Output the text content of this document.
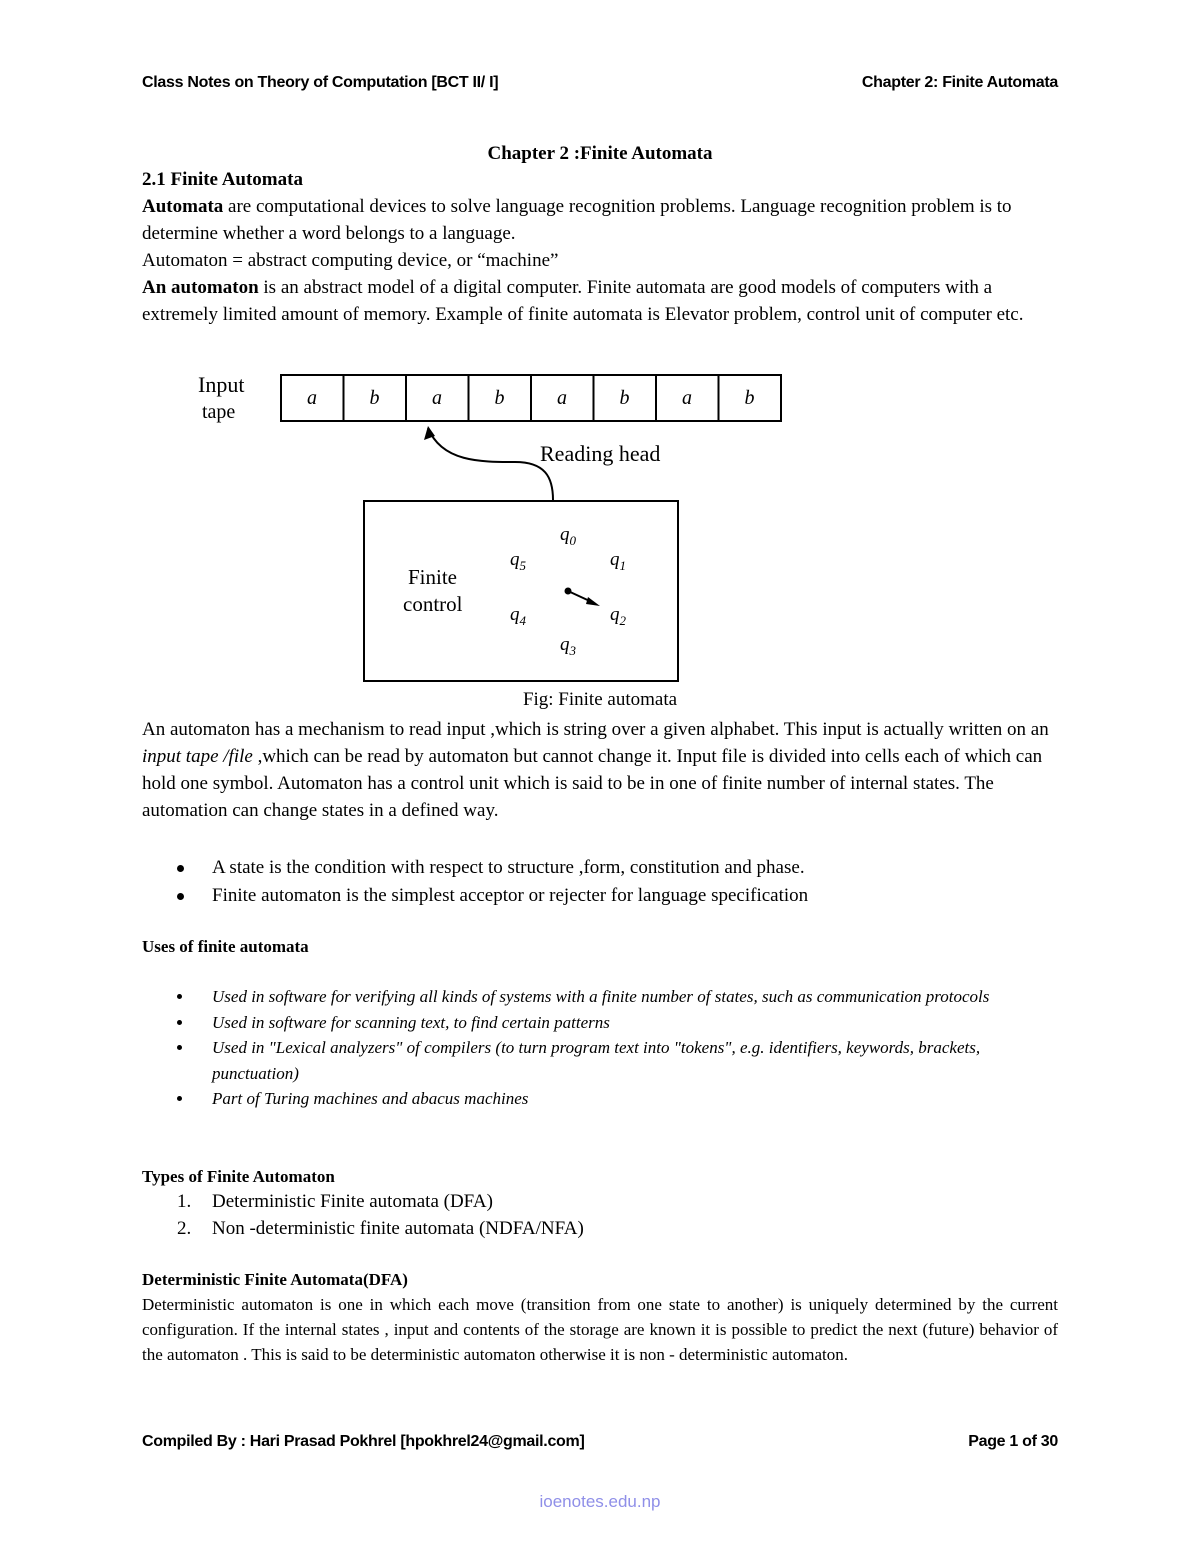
Class Notes on Theory of Computation [BCT II/ I]	Chapter 2: Finite Automata
Chapter 2 :Finite Automata
2.1 Finite Automata
Automata are computational devices to solve language recognition problems. Language recognition problem is to determine whether a word belongs to a language.
Automaton = abstract computing device, or “machine”
An automaton is an abstract model of a digital computer. Finite automata are good models of computers with a extremely limited amount of memory. Example of finite automata is Elevator problem, control unit of computer etc.
Input
tape
a	b	a	b	a	b	a	b
Reading head
Finite
control
$q_0$
$q_1$
$q_2$
$q_3$
$q_4$
$q_5$
Fig: Finite automata
An automaton has a mechanism to read input ,which is string over a given alphabet. This input is actually written on an input tape /file ,which can be read by automaton but cannot change it. Input file is divided into cells each of which can hold one symbol. Automaton has a control unit which is said to be in one of finite number of internal states. The automation can change states in a defined way.
A state is the condition with respect to structure ,form, constitution and phase.
Finite automaton is the simplest acceptor or rejecter for language specification
Uses of finite automata
Used in software for verifying all kinds of systems with a finite number of states, such as communication protocols
Used in software for scanning text, to find certain patterns
Used in "Lexical analyzers" of compilers (to turn program text into "tokens", e.g. identifiers, keywords, brackets, punctuation)
Part of Turing machines and abacus machines
Types of Finite Automaton
1. Deterministic Finite automata (DFA)
2. Non -deterministic finite automata (NDFA/NFA)
Deterministic Finite Automata(DFA)
Deterministic automaton is one in which each move (transition from one state to another) is uniquely determined by the current configuration. If the internal states , input and contents of the storage are known it is possible to predict the next (future) behavior of the automaton . This is said to be deterministic automaton otherwise it is non - deterministic automaton.
Compiled By : Hari Prasad Pokhrel [hpokhrel24@gmail.com]	Page 1 of 30
ioenotes.edu.np
